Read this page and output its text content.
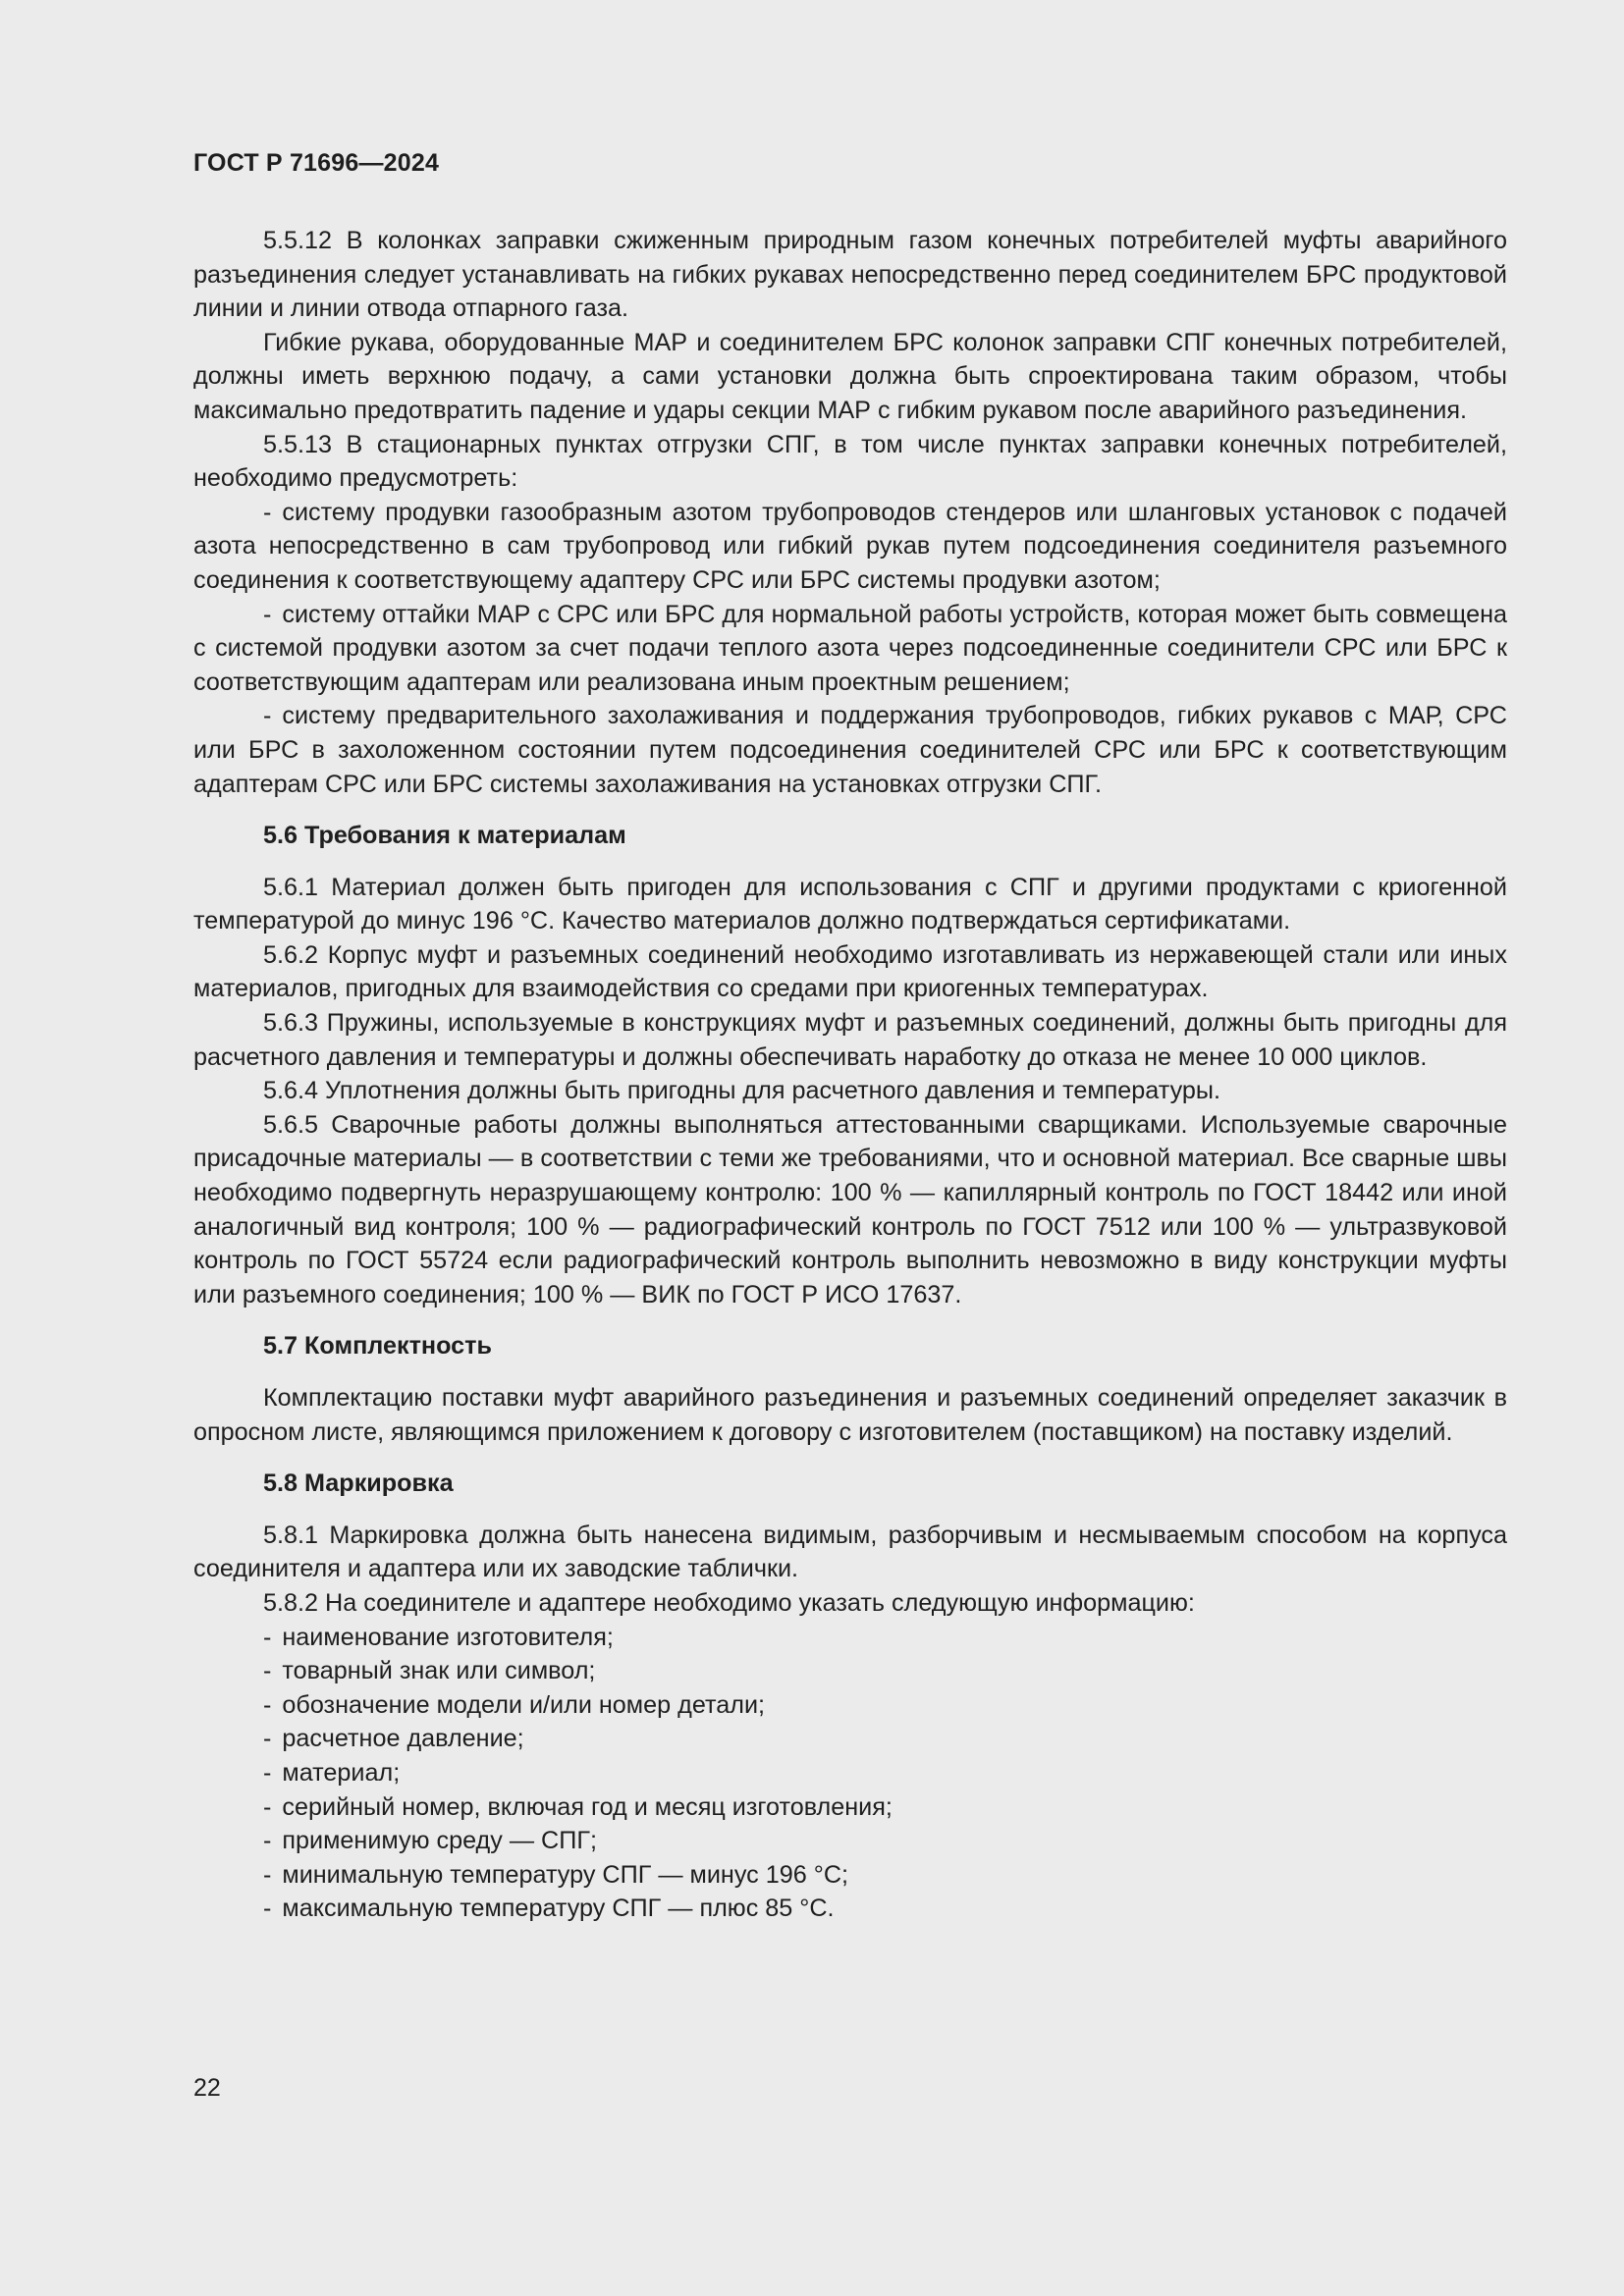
ГОСТ Р 71696—2024

5.5.12 В колонках заправки сжиженным природным газом конечных потребителей муфты аварийного разъединения следует устанавливать на гибких рукавах непосредственно перед соединителем БРС продуктовой линии и линии отвода отпарного газа.

Гибкие рукава, оборудованные МАР и соединителем БРС колонок заправки СПГ конечных потребителей, должны иметь верхнюю подачу, а сами установки должна быть спроектирована таким образом, чтобы максимально предотвратить падение и удары секции МАР с гибким рукавом после аварийного разъединения.

5.5.13 В стационарных пунктах отгрузки СПГ, в том числе пунктах заправки конечных потребителей, необходимо предусмотреть:

- системy продувки газообразным азотом трубопроводов стендеров или шланговых установок с подачей азота непосредственно в сам трубопровод или гибкий рукав путем подсоединения соединителя разъемного соединения к соответствующему адаптеру СРС или БРС системы продувки азотом;

- систему оттайки МАР с СРС или БРС для нормальной работы устройств, которая может быть совмещена с системой продувки азотом за счет подачи теплого азота через подсоединенные соединители СРС или БРС к соответствующим адаптерам или реализована иным проектным решением;

- систему предварительного захолаживания и поддержания трубопроводов, гибких рукавов с МАР, СРС или БРС в захоложенном состоянии путем подсоединения соединителей СРС или БРС к соответствующим адаптерам СРС или БРС системы захолаживания на установках отгрузки СПГ.

5.6 Требования к материалам

5.6.1 Материал должен быть пригоден для использования с СПГ и другими продуктами с криогенной температурой до минус 196 °С. Качество материалов должно подтверждаться сертификатами.

5.6.2 Корпус муфт и разъемных соединений необходимо изготавливать из нержавеющей стали или иных материалов, пригодных для взаимодействия со средами при криогенных температурах.

5.6.3 Пружины, используемые в конструкциях муфт и разъемных соединений, должны быть пригодны для расчетного давления и температуры и должны обеспечивать наработку до отказа не менее 10 000 циклов.

5.6.4 Уплотнения должны быть пригодны для расчетного давления и температуры.

5.6.5 Сварочные работы должны выполняться аттестованными сварщиками. Используемые сварочные присадочные материалы — в соответствии с теми же требованиями, что и основной материал. Все сварные швы необходимо подвергнуть неразрушающему контролю: 100 % — капиллярный контроль по ГОСТ 18442 или иной аналогичный вид контроля; 100 % — радиографический контроль по ГОСТ 7512 или 100 % — ультразвуковой контроль по ГОСТ 55724 если радиографический контроль выполнить невозможно в виду конструкции муфты или разъемного соединения; 100 % — ВИК по ГОСТ Р ИСО 17637.

5.7 Комплектность

Комплектацию поставки муфт аварийного разъединения и разъемных соединений определяет заказчик в опросном листе, являющимся приложением к договору с изготовителем (поставщиком) на поставку изделий.

5.8 Маркировка

5.8.1 Маркировка должна быть нанесена видимым, разборчивым и несмываемым способом на корпуса соединителя и адаптера или их заводские таблички.

5.8.2 На соединителе и адаптере необходимо указать следующую информацию:

- наименование изготовителя;

- товарный знак или символ;

- обозначение модели и/или номер детали;

- расчетное давление;

- материал;

- серийный номер, включая год и месяц изготовления;

- применимую среду — СПГ;

- минимальную температуру СПГ — минус 196 °С;

- максимальную температуру СПГ — плюс 85 °С.

22
